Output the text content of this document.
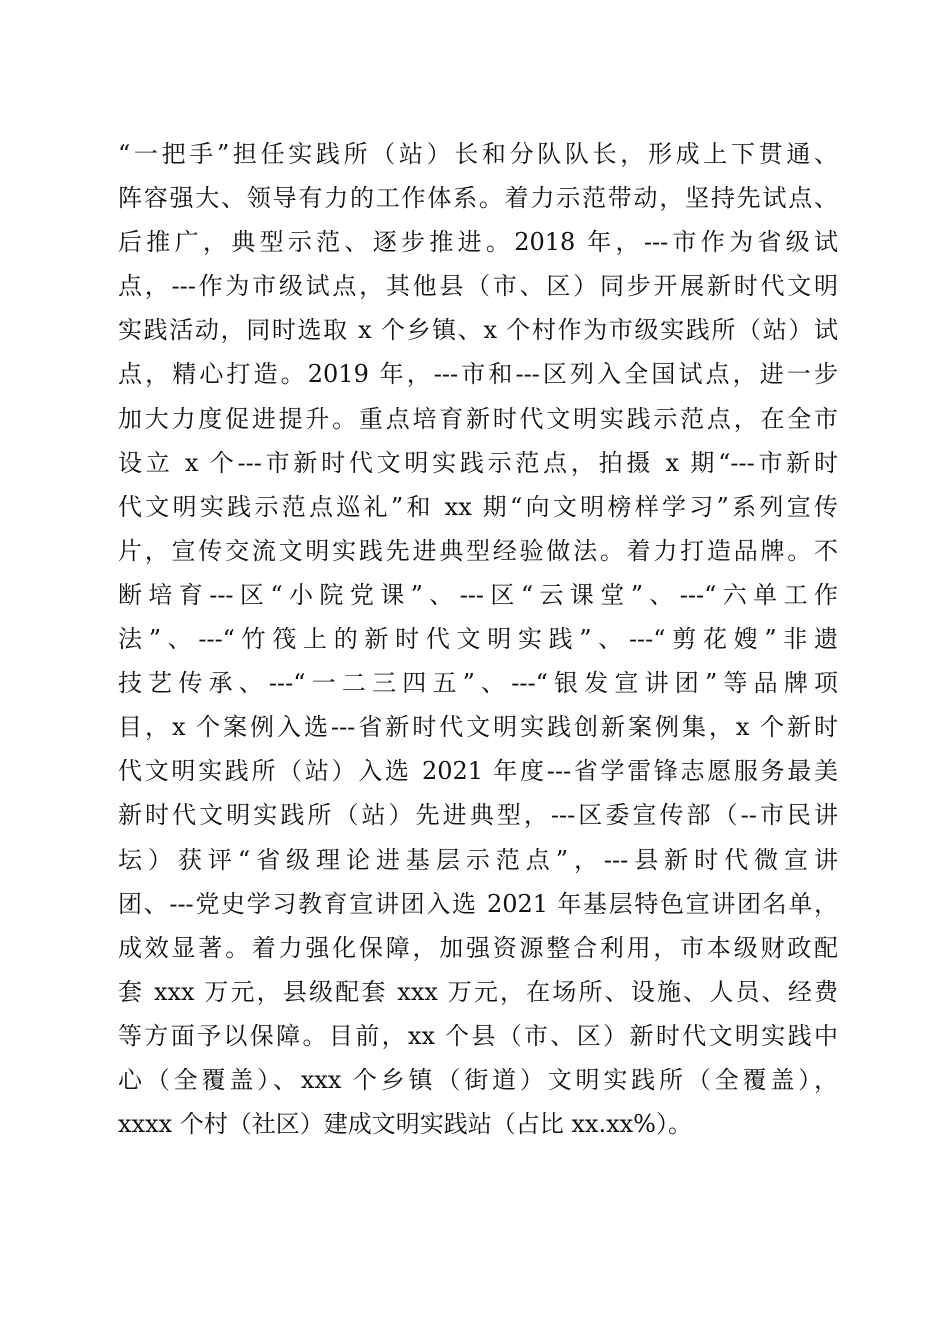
“一把手”担任实践所（站）长和分队队长，形成上下贯通、
阵容强大、领导有力的工作体系。着力示范带动，坚持先试点、
后推广，典型示范、逐步推进。2018 年，---市作为省级试
点，---作为市级试点，其他县（市、区）同步开展新时代文明
实践活动，同时选取 x 个乡镇、x 个村作为市级实践所（站）试
点，精心打造。2019 年，---市和---区列入全国试点，进一步
加大力度促进提升。重点培育新时代文明实践示范点，在全市
设立 x 个---市新时代文明实践示范点，拍摄 x 期“---市新时
代文明实践示范点巡礼”和 xx 期“向文明榜样学习”系列宣传
片，宣传交流文明实践先进典型经验做法。着力打造品牌。不
断培育---区“小院党课”、---区“云课堂”、---“六单工作
法”、---“竹筏上的新时代文明实践”、---“剪花嫂”非遗
技艺传承、---“一二三四五”、---“银发宣讲团”等品牌项
目，x 个案例入选---省新时代文明实践创新案例集，x 个新时
代文明实践所（站）入选 2021 年度---省学雷锋志愿服务最美
新时代文明实践所（站）先进典型，---区委宣传部（--市民讲
坛）获评“省级理论进基层示范点”，---县新时代微宣讲
团、---党史学习教育宣讲团入选 2021 年基层特色宣讲团名单，
成效显著。着力强化保障，加强资源整合利用，市本级财政配
套 xxx 万元，县级配套 xxx 万元，在场所、设施、人员、经费
等方面予以保障。目前，xx 个县（市、区）新时代文明实践中
心（全覆盖）、xxx 个乡镇（街道）文明实践所（全覆盖），
xxxx 个村（社区）建成文明实践站（占比 xx.xx%）。
